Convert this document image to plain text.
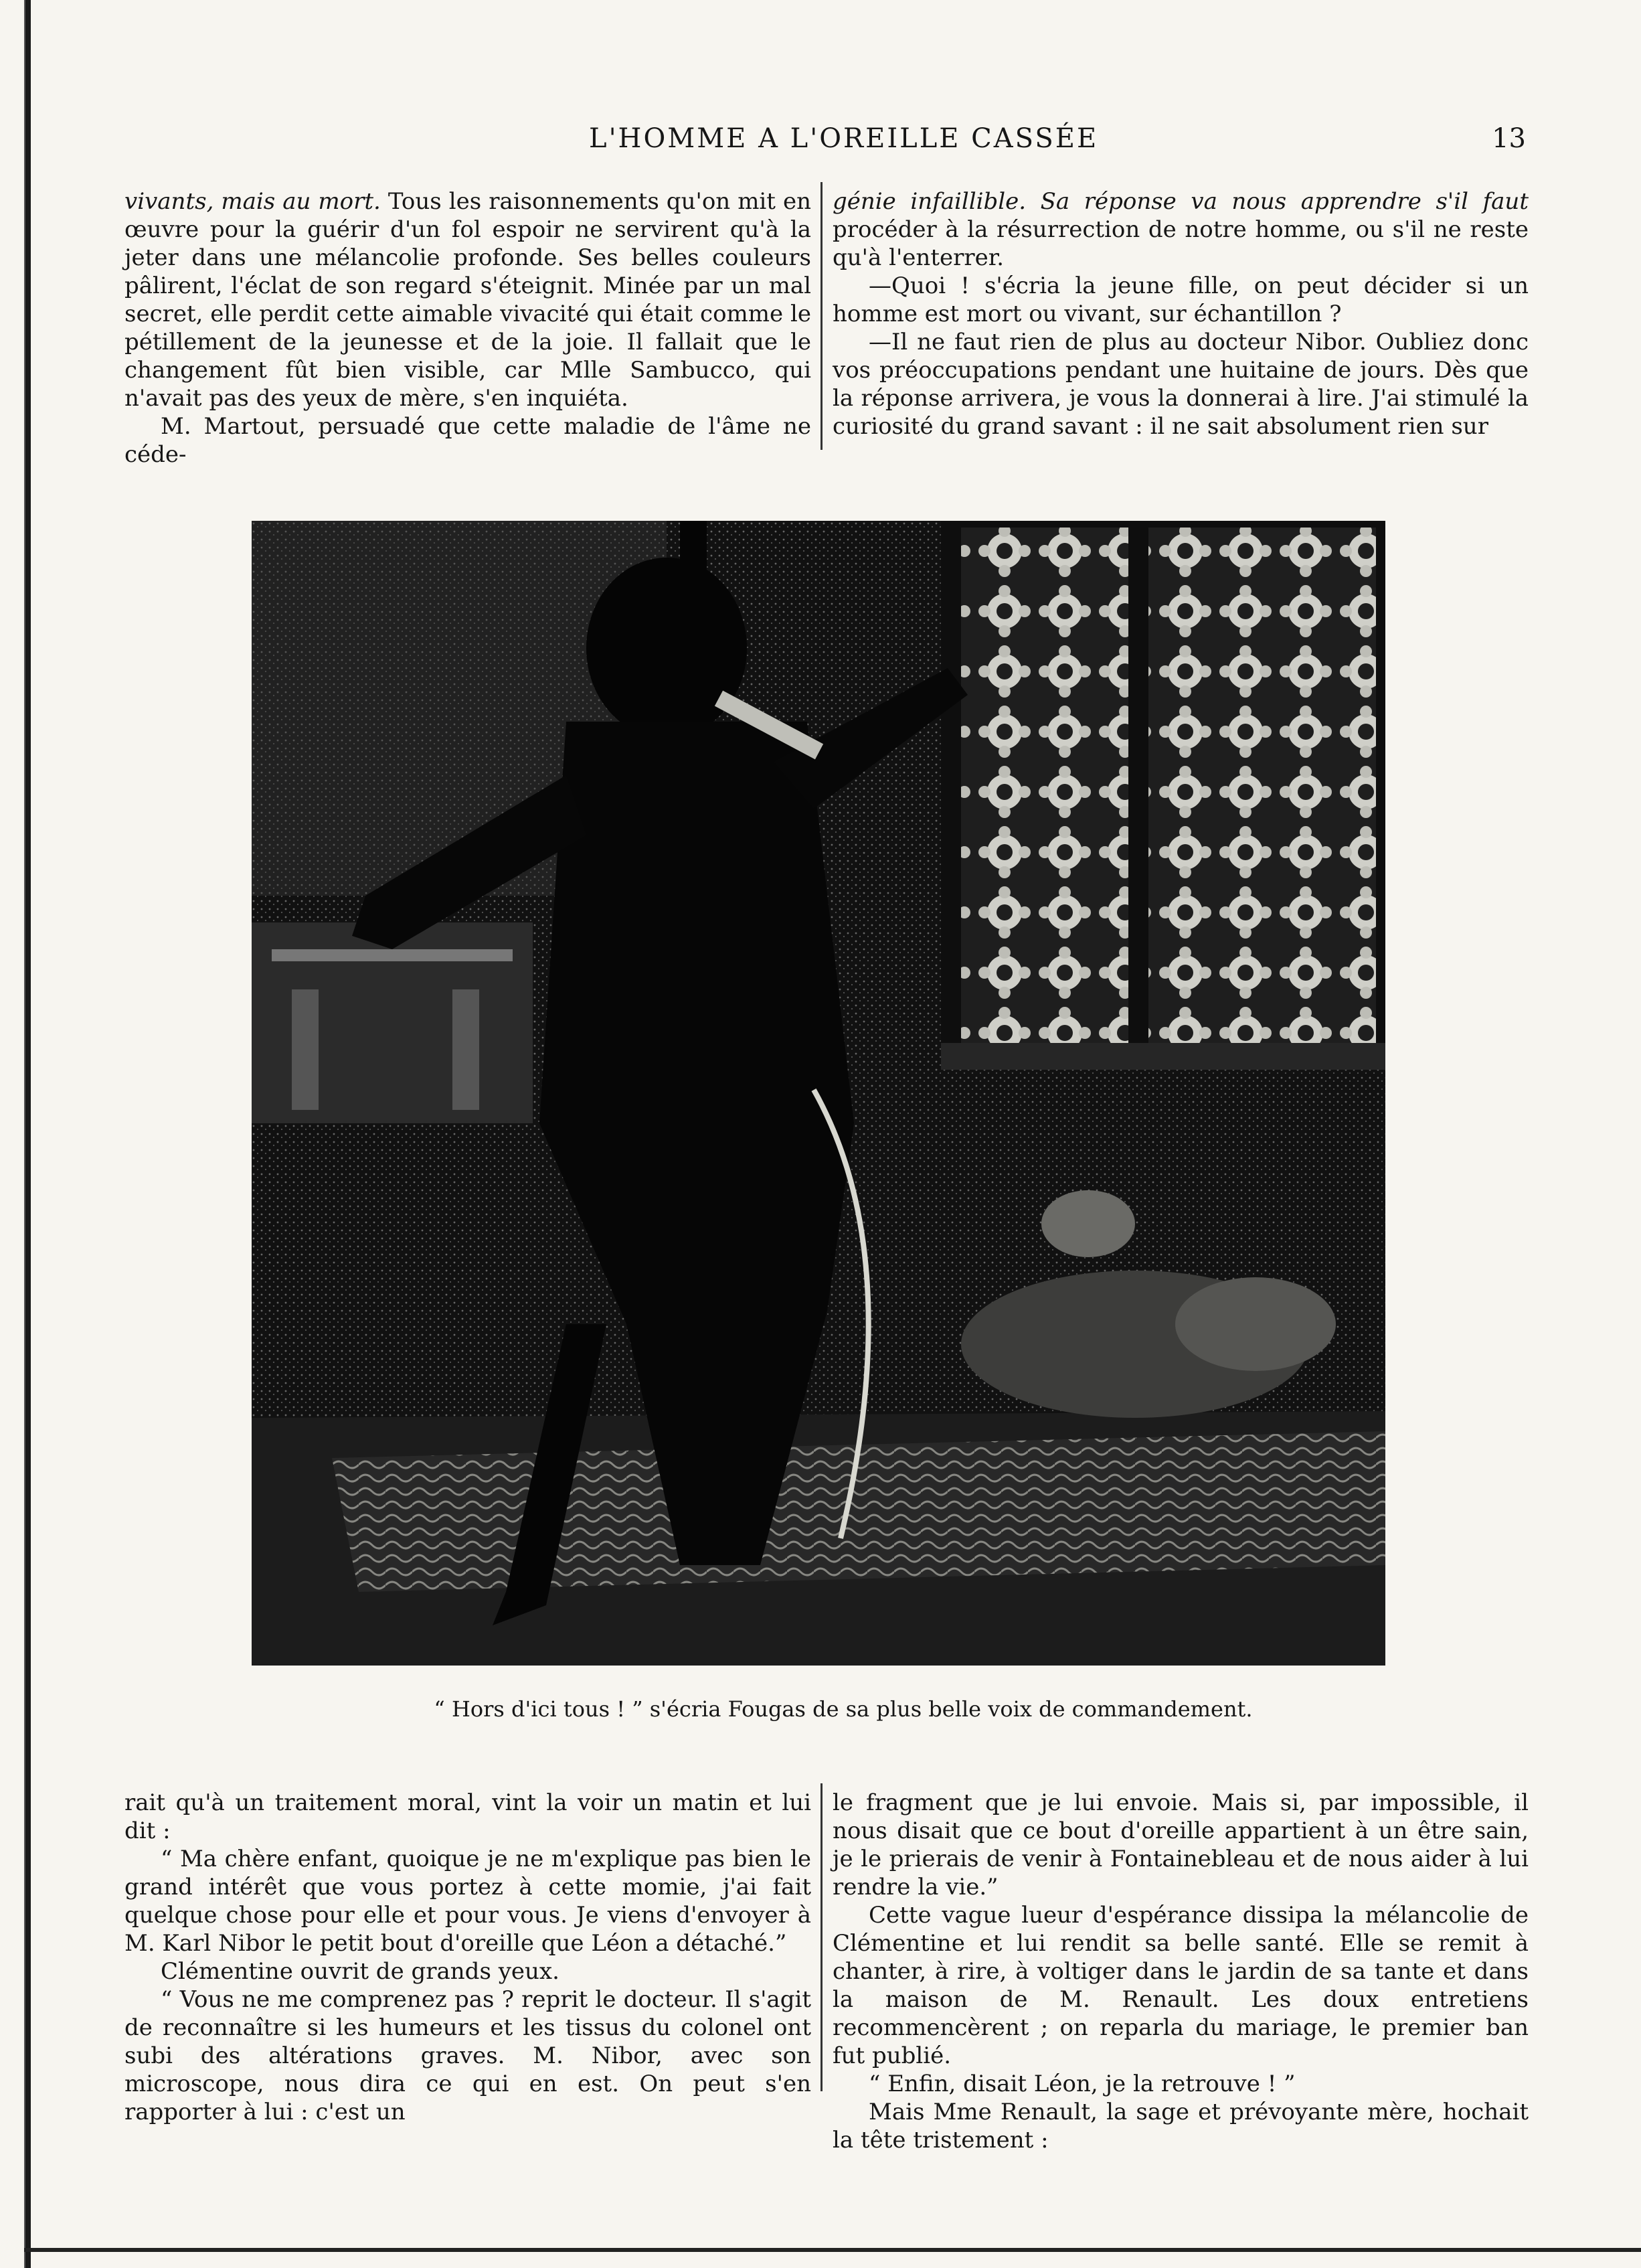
L'HOMME A L'OREILLE CASSÉE	13

vivants, mais au mort. Tous les raisonnements qu'on mit en œuvre pour la guérir d'un fol espoir ne servirent qu'à la jeter dans une mélancolie profonde. Ses belles couleurs pâlirent, l'éclat de son regard s'éteignit. Minée par un mal secret, elle perdit cette aimable vivacité qui était comme le pétillement de la jeunesse et de la joie. Il fallait que le changement fût bien visible, car Mlle Sambucco, qui n'avait pas des yeux de mère, s'en inquiéta.

M. Martout, persuadé que cette maladie de l'âme ne céde-

génie infaillible. Sa réponse va nous apprendre s'il faut procéder à la résurrection de notre homme, ou s'il ne reste qu'à l'enterrer.

—Quoi ! s'écria la jeune fille, on peut décider si un homme est mort ou vivant, sur échantillon ?

—Il ne faut rien de plus au docteur Nibor. Oubliez donc vos préoccupations pendant une huitaine de jours. Dès que la réponse arrivera, je vous la donnerai à lire. J'ai stimulé la curiosité du grand savant : il ne sait absolument rien sur

“ Hors d'ici tous ! ” s'écria Fougas de sa plus belle voix de commandement.

rait qu'à un traitement moral, vint la voir un matin et lui dit :

“ Ma chère enfant, quoique je ne m'explique pas bien le grand intérêt que vous portez à cette momie, j'ai fait quelque chose pour elle et pour vous. Je viens d'envoyer à M. Karl Nibor le petit bout d'oreille que Léon a détaché.”

Clémentine ouvrit de grands yeux.

“ Vous ne me comprenez pas ? reprit le docteur. Il s'agit de reconnaître si les humeurs et les tissus du colonel ont subi des altérations graves. M. Nibor, avec son microscope, nous dira ce qui en est. On peut s'en rapporter à lui : c'est un

le fragment que je lui envoie. Mais si, par impossible, il nous disait que ce bout d'oreille appartient à un être sain, je le prierais de venir à Fontainebleau et de nous aider à lui rendre la vie.”

Cette vague lueur d'espérance dissipa la mélancolie de Clémentine et lui rendit sa belle santé. Elle se remit à chanter, à rire, à voltiger dans le jardin de sa tante et dans la maison de M. Renault. Les doux entretiens recommencèrent ; on reparla du mariage, le premier ban fut publié.

“ Enfin, disait Léon, je la retrouve ! ”

Mais Mme Renault, la sage et prévoyante mère, hochait la tête tristement :
